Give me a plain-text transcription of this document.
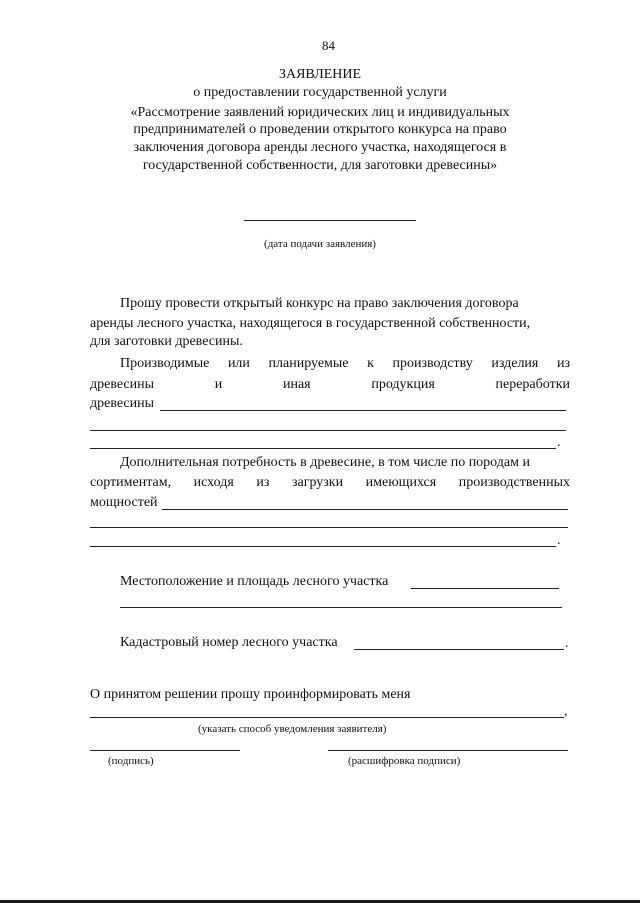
84
ЗАЯВЛЕНИЕ
о предоставлении государственной услуги
«Рассмотрение заявлений юридических лиц и индивидуальных
предпринимателей о проведении открытого конкурса на право
заключения договора аренды лесного участка, находящегося в
государственной собственности, для заготовки древесины»
(дата подачи заявления)
Прошу провести открытый конкурс на право заключения договора
аренды лесного участка, находящегося в государственной собственности,
для заготовки древесины.
Производимые или планируемые к производству изделия из
древесины	и	иная	продукция	переработки
древесины
.
Дополнительная потребность в древесине, в том числе по породам и
сортиментам, исходя из загрузки имеющихся производственных
мощностей
.
Местоположение и площадь лесного участка
Кадастровый номер лесного участка	.
О принятом решении прошу проинформировать меня
,
(указать способ уведомления заявителя)
(подпись)	(расшифровка подписи)
